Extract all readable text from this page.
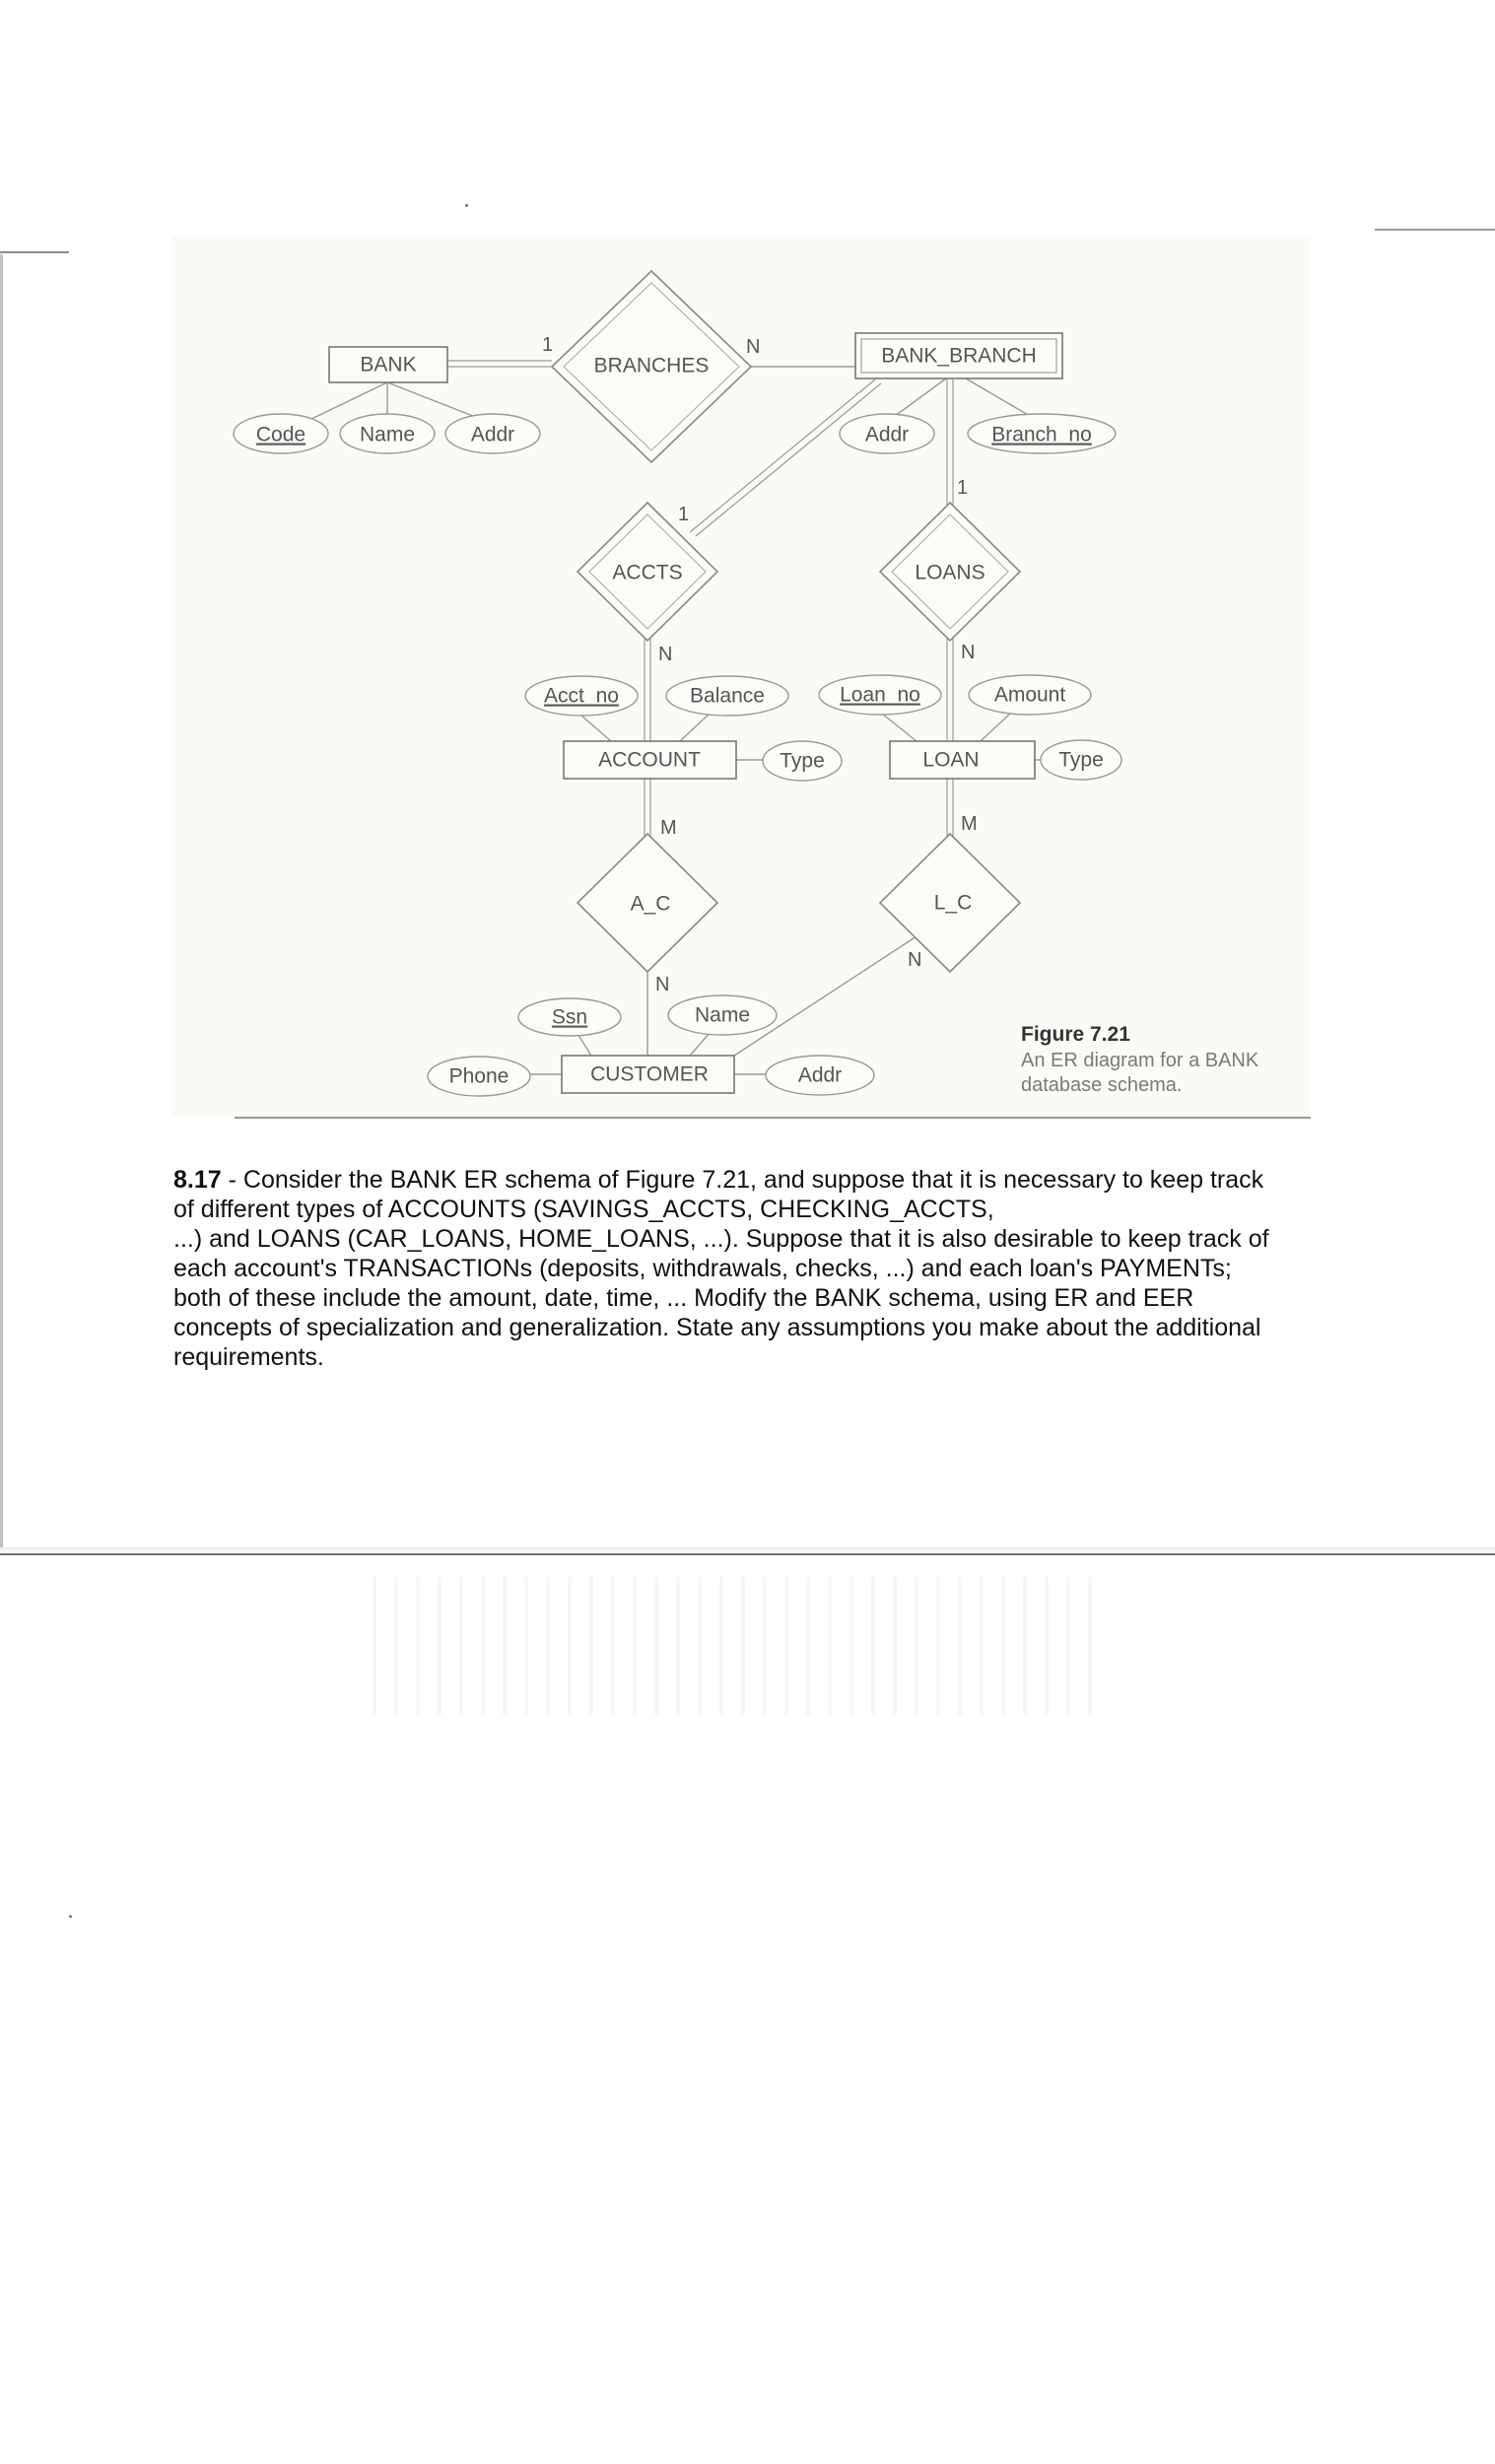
BANK	BANK_BRANCH
ACCOUNT	LOAN
CUSTOMER
BRANCHES
ACCTS	LOANS
A_C	L_C
Code	Name	Addr	Addr	Branch_no
Acct_no	Balance
Type
Loan_no	Amount
Type
Ssn	Name
Phone	Addr
1	N
1
N
1
N
M
N
M
N
Figure 7.21
An ER diagram for a BANK
database schema.
8.17 - Consider the BANK ER schema of Figure 7.21, and suppose that it is necessary to keep track
of different types of ACCOUNTS (SAVINGS_ACCTS, CHECKING_ACCTS,
...) and LOANS (CAR_LOANS, HOME_LOANS, ...). Suppose that it is also desirable to keep track of
each account's TRANSACTIONs (deposits, withdrawals, checks, ...) and each loan's PAYMENTs;
both of these include the amount, date, time, ... Modify the BANK schema, using ER and EER
concepts of specialization and generalization. State any assumptions you make about the additional
requirements.
